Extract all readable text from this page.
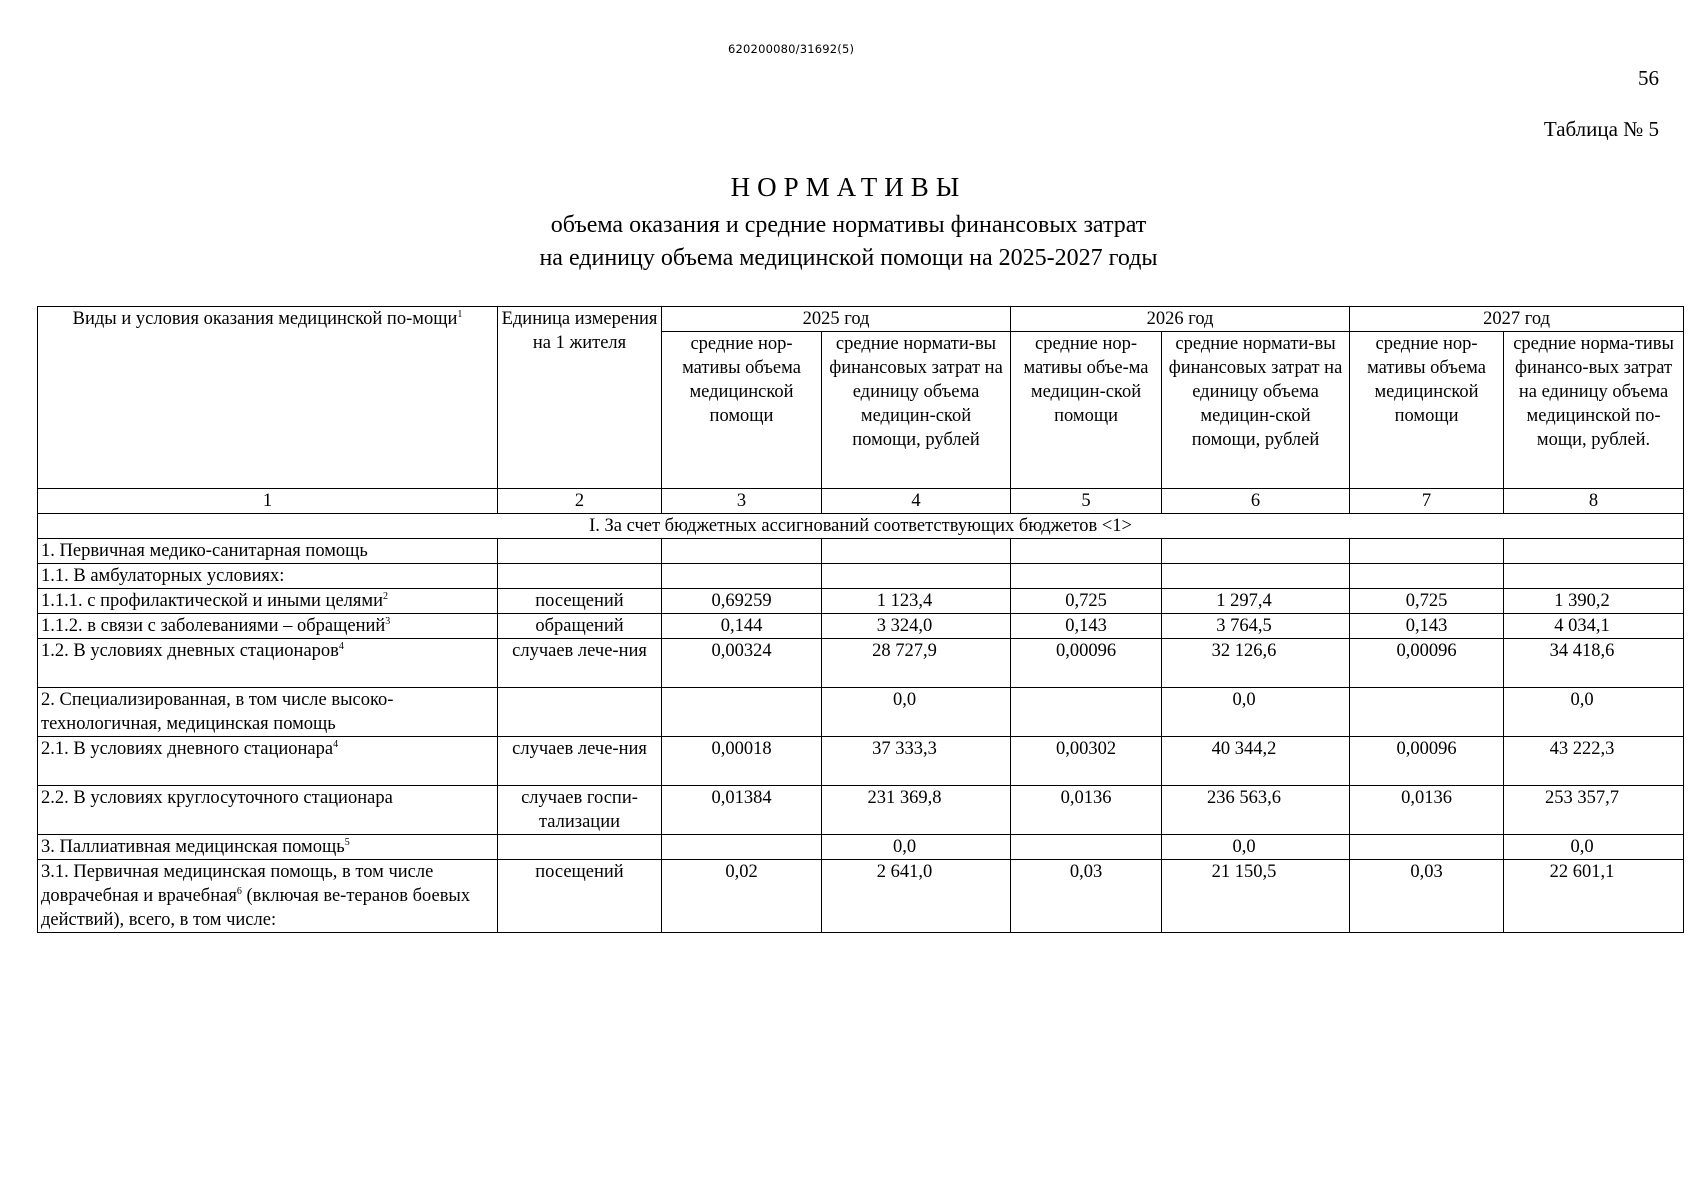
620200080/31692(5)
56
Таблица № 5
НОРМАТИВЫ
объема оказания и средние нормативы финансовых затрат
на единицу объема медицинской помощи на 2025-2027 годы
Виды и условия оказания медицинской по-мощи$^1$	Единица измерения на 1 жителя	2025 год		2026 год		2027 год	
		средние нор-мативы объема медицинской помощи	средние нормати-вы финансовых затрат на единицу объема медицин-ской помощи, рублей	средние нор-мативы объе-ма медицин-ской помощи	средние нормати-вы финансовых затрат на единицу объема медицин-ской помощи, рублей	средние нор-мативы объема медицинской помощи	средние норма-тивы финансо-вых затрат на единицу объема медицинской по-мощи, рублей.
1	2	3	4	5	6	7	8
I. За счет бюджетных ассигнований соответствующих бюджетов <1>							
1. Первичная медико-санитарная помощь							
1.1. В амбулаторных условиях:							
1.1.1. с профилактической и иными целями$^2$	посещений	0,69259	1 123,4	0,725	1 297,4	0,725	1 390,2
1.1.2. в связи с заболеваниями – обращений$^3$	обращений	0,144	3 324,0	0,143	3 764,5	0,143	4 034,1
1.2. В условиях дневных стационаров$^4$	случаев лече-ния	0,00324	28 727,9	0,00096	32 126,6	0,00096	34 418,6
2. Специализированная, в том числе высоко-технологичная, медицинская помощь			0,0		0,0		0,0
2.1. В условиях дневного стационара$^4$	случаев лече-ния	0,00018	37 333,3	0,00302	40 344,2	0,00096	43 222,3
2.2. В условиях круглосуточного стационара	случаев госпи-тализации	0,01384	231 369,8	0,0136	236 563,6	0,0136	253 357,7
3. Паллиативная медицинская помощь$^5$			0,0		0,0		0,0
3.1. Первичная медицинская помощь, в том числе доврачебная и врачебная$^6$ (включая ве-теранов боевых действий), всего, в том числе:	посещений	0,02	2 641,0	0,03	21 150,5	0,03	22 601,1
